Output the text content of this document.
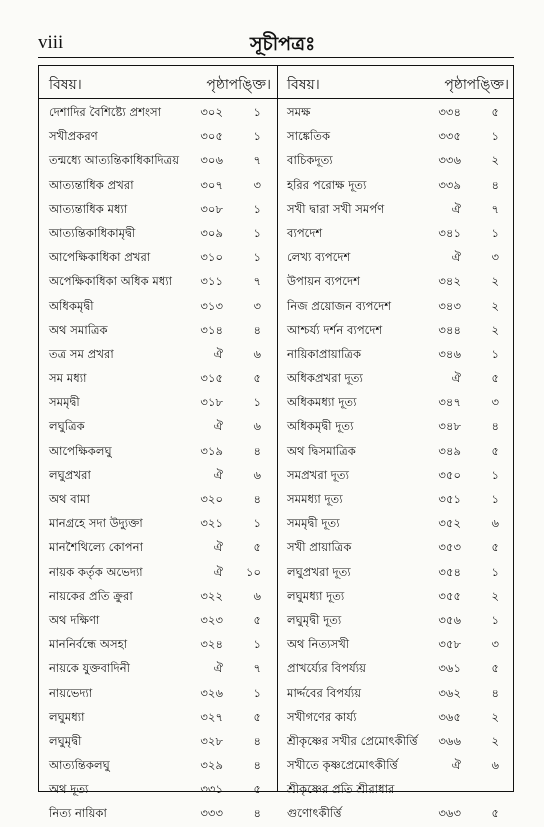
viii	সূচীপত্রঃ
বিষয়।	পৃষ্ঠা পঙ্ক্তি।
দেশাদির বৈশিষ্ট্যে প্রশংসা	৩০২	১
সখীপ্রকরণ	৩০৫	১
তন্মধ্যে আত্যন্তিকাধিকাদিত্রয় ৩০৬	৭
আত্যন্তাধিক প্রখরা	৩০৭	৩
আত্যন্তাধিক মধ্যা	৩০৮	১
আত্যন্তিকাধিকামৃদ্বী	৩০৯	১
আপেক্ষিকাধিকা প্রখরা	৩১০	১
অপেক্ষিকাধিকা অধিক মধ্যা ৩১১	৭
অধিকমৃদ্বী	৩১৩	৩
অথ সমাত্রিক	৩১৪	৪
তত্র সম প্রখরা	ঐ	৬
সম মধ্যা	৩১৫	৫
সমমৃদ্বী	৩১৮	১
লঘুত্রিক	ঐ	৬
আপেক্ষিকলঘু	৩১৯	৪
লঘুপ্রখরা	ঐ	৬
অথ বামা	৩২০	৪
মানগ্রহে সদা উদ্যুক্তা	৩২১	১
মানশৈথিল্যে কোপনা	ঐ	৫
নায়ক কর্তৃক অভেদ্যা	ঐ ১০
নায়কের প্রতি ক্রুরা	৩২২	৬
অথ দক্ষিণা	৩২৩	৫
মাননির্বন্ধে অসহা	৩২৪	১
নায়কে যুক্তবাদিনী	ঐ	৭
নায়ভেদ্যা	৩২৬	১
লঘুমধ্যা	৩২৭	৫
লঘুমৃদ্বী	৩২৮	৪
আত্যন্তিকলঘু	৩২৯	৪
অথ দূত্য	৩৩১	৫
নিত্য নায়িকা	৩৩৩	৪
বিষয়।	পৃষ্ঠা পঙ্ক্তি।
সমক্ষ	৩৩৪	৫
সাঙ্কেতিক	৩৩৫	১
বাচিকদূত্য	৩৩৬	২
হরির পরোক্ষ দূত্য	৩৩৯	৪
সখী দ্বারা সখী সমর্পণ	ঐ	৭
ব্যপদেশ	৩৪১	১
লেখ্য ব্যপদেশ	ঐ	৩
উপায়ন ব্যপদেশ	৩৪২	২
নিজ প্রয়োজন ব্যপদেশ	৩৪৩	২
আশ্চর্য্য দর্শন ব্যপদেশ	৩৪৪	২
নায়িকাপ্রায়াত্রিক	৩৪৬	১
অধিকপ্রখরা দূত্য	ঐ	৫
অধিকমধ্যা দূত্য	৩৪৭	৩
অধিকমৃদ্বী দূত্য	৩৪৮	৪
অথ দ্বিসমাত্রিক	৩৪৯	৫
সমপ্রখরা দূত্য	৩৫০	১
সমমধ্যা দূত্য	৩৫১	১
সমমৃদ্বী দূত্য	৩৫২	৬
সখী প্রায়াত্রিক	৩৫৩	৫
লঘুপ্রখরা দূত্য	৩৫৪	১
লঘুমধ্যা দূত্য	৩৫৫	২
লঘুমৃদ্বী দূত্য	৩৫৬	১
অথ নিত্যসখী	৩৫৮	৩
প্রাখর্য্যের বিপর্য্যয়	৩৬১	৫
মার্দ্দবের বিপর্য্যয়	৩৬২	৪
সখীগণের কার্য্য	৩৬৫	২
শ্রীকৃষ্ণের সখীর প্রেমোৎকীর্ত্তি ৩৬৬	২
সখীতে কৃষ্ণপ্রেমোৎকীর্ত্তি	ঐ	৬
শ্রীকৃষ্ণের প্রতি শ্রীরাধার
গুণোৎকীর্ত্তি	৩৬৩	৫
